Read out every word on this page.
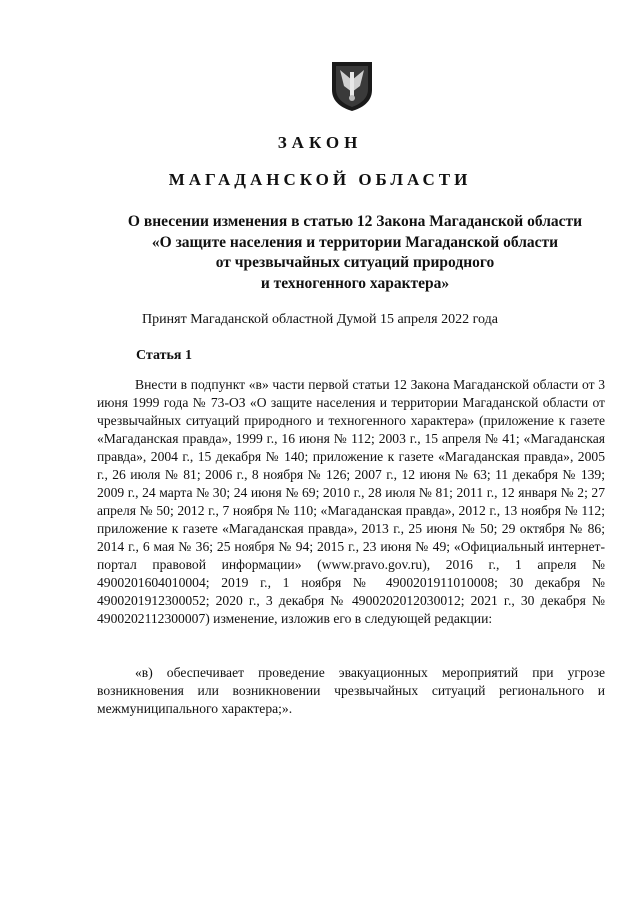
ЗАКОН
МАГАДАНСКОЙ ОБЛАСТИ
О внесении изменения в статью 12 Закона Магаданской области
«О защите населения и территории Магаданской области
от чрезвычайных ситуаций природного
и техногенного характера»
Принят Магаданской областной Думой 15 апреля 2022 года
Статья 1

Внести в подпункт «в» части первой статьи 12 Закона Магаданской области от 3 июня 1999 года № 73-ОЗ «О защите населения и территории Магаданской области от чрезвычайных ситуаций природного и техногенного характера» (приложение к газете «Магаданская правда», 1999 г., 16 июня № 112; 2003 г., 15 апреля № 41; «Магаданская правда», 2004 г., 15 декабря № 140; приложение к газете «Магаданская правда», 2005 г., 26 июля № 81; 2006 г., 8 ноября № 126; 2007 г., 12 июня № 63; 11 декабря № 139; 2009 г., 24 марта № 30; 24 июня № 69; 2010 г., 28 июля № 81; 2011 г., 12 января № 2; 27 апреля № 50; 2012 г., 7 ноября № 110; «Магаданская правда», 2012 г., 13 ноября № 112; приложение к газете «Магаданская правда», 2013 г., 25 июня № 50; 29 октября № 86; 2014 г., 6 мая № 36; 25 ноября № 94; 2015 г., 23 июня № 49; «Официальный интернет-портал правовой информации» (www.pravo.gov.ru), 2016 г., 1 апреля № 4900201604010004; 2019 г., 1 ноября № 4900201911010008; 30 декабря № 4900201912300052; 2020 г., 3 декабря № 4900202012030012; 2021 г., 30 декабря № 4900202112300007) изменение, изложив его в следующей редакции:

«в) обеспечивает проведение эвакуационных мероприятий при угрозе возникновения или возникновении чрезвычайных ситуаций регионального и межмуниципального характера;».
